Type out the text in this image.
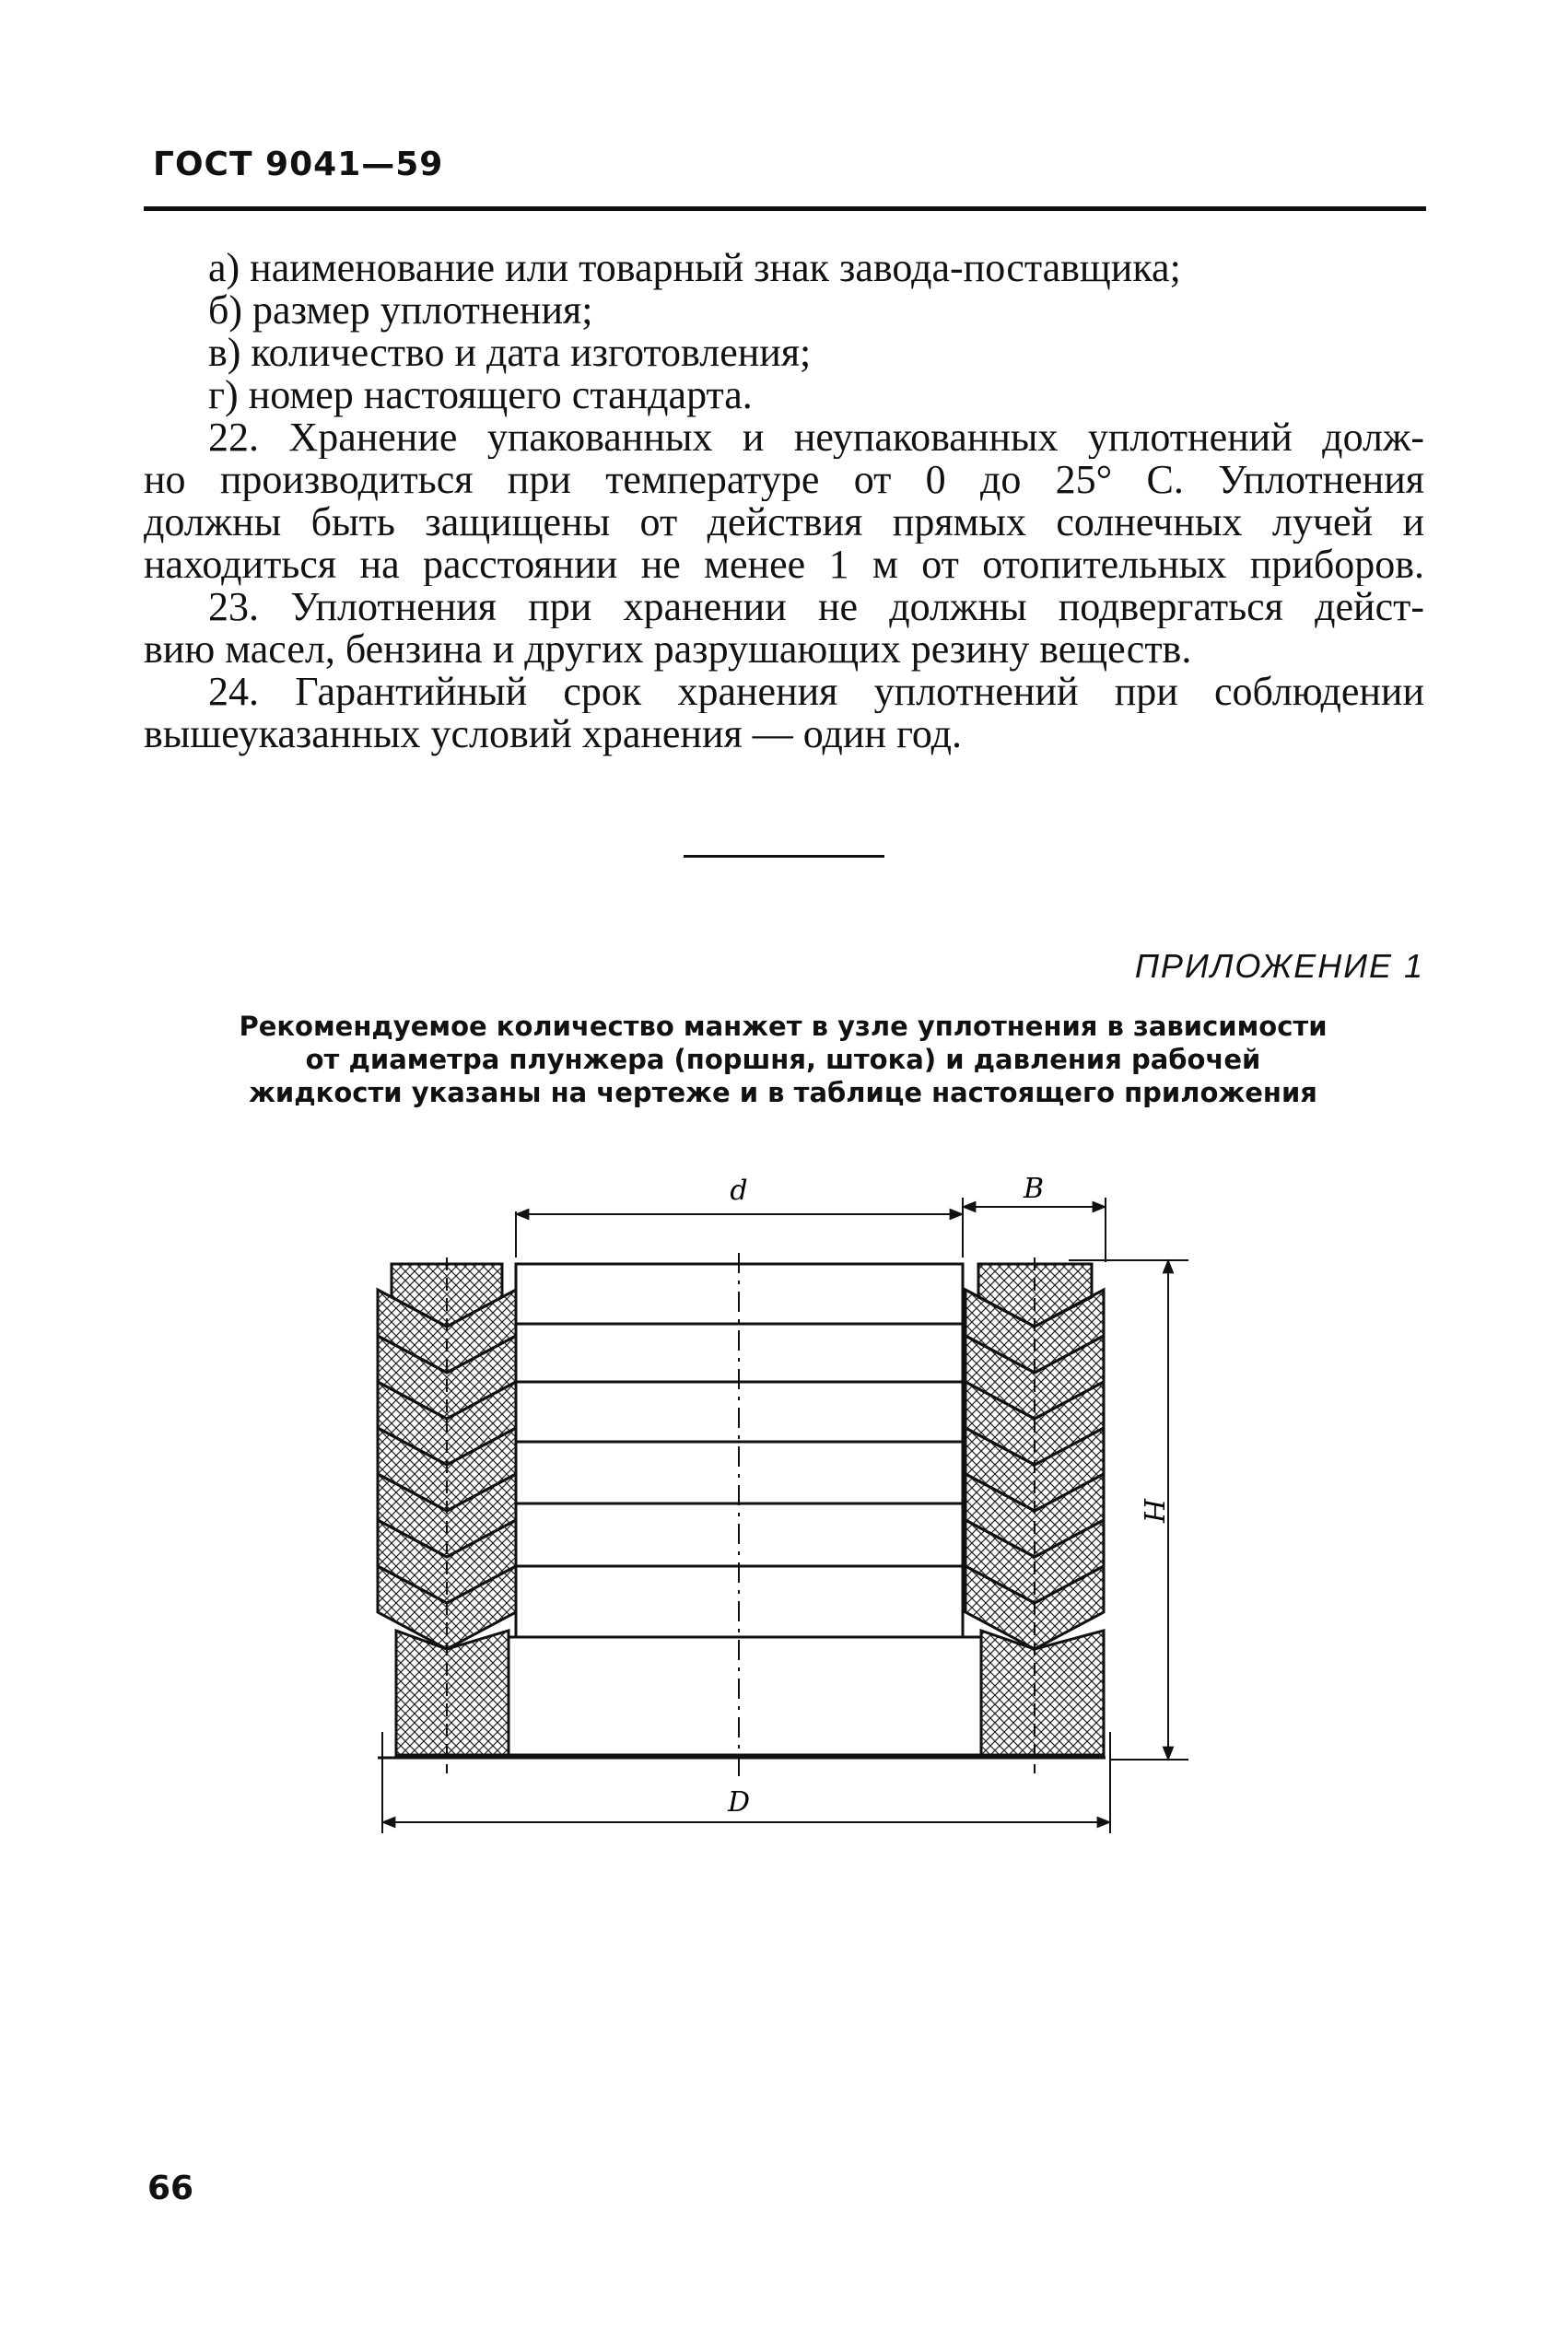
ГОСТ 9041—59
а) наименование или товарный знак завода-поставщика;
б) размер уплотнения;
в) количество и дата изготовления;
г) номер настоящего стандарта.
22. Хранение упакованных и неупакованных уплотнений долж-
но производиться при температуре от 0 до 25° С. Уплотнения
должны быть защищены от действия прямых солнечных лучей и
находиться на расстоянии не менее 1 м от отопительных приборов.
23. Уплотнения при хранении не должны подвергаться дейст-
вию масел, бензина и других разрушающих резину веществ.
24. Гарантийный срок хранения уплотнений при соблюдении
вышеуказанных условий хранения — один год.
ПРИЛОЖЕНИЕ 1
Рекомендуемое количество манжет в узле уплотнения в зависимости
от диаметра плунжера (поршня, штока) и давления рабочей
жидкости указаны на чертеже и в таблице настоящего приложения
d	B
H
D
66
